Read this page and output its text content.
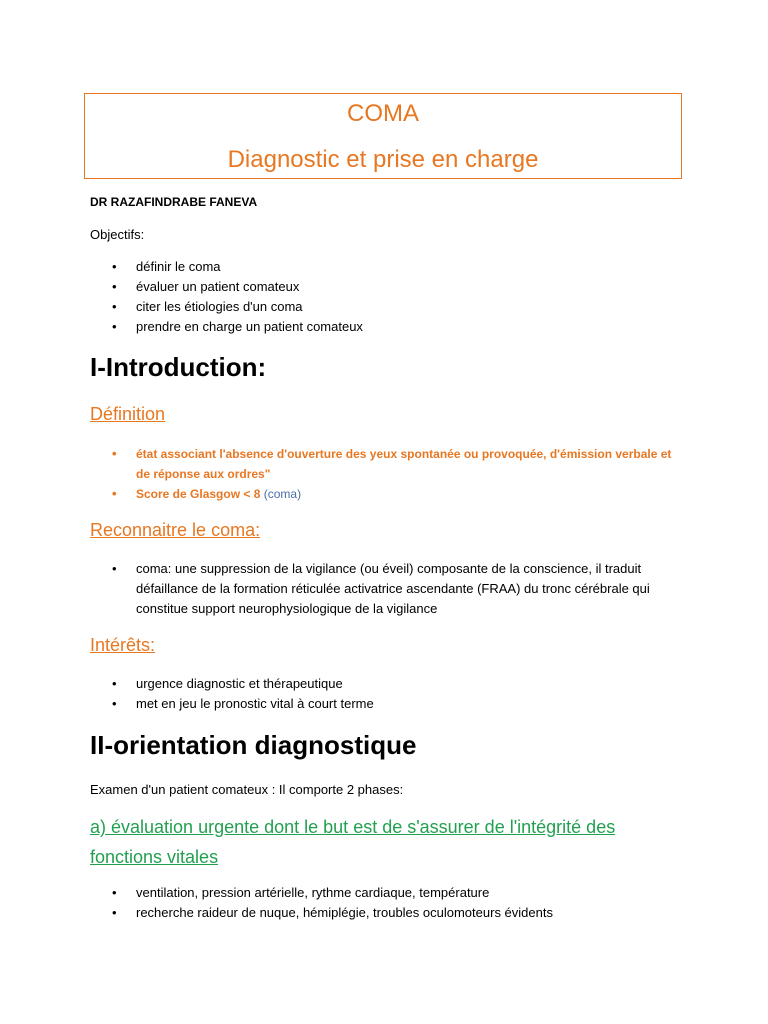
COMA
Diagnostic et prise en charge
DR RAZAFINDRABE FANEVA
Objectifs:
• définir le coma
• évaluer un patient comateux
• citer les étiologies d'un coma
• prendre en charge un patient comateux
I-Introduction:
Définition
• état associant l'absence d'ouverture des yeux spontanée ou provoquée, d'émission verbale et de réponse aux ordres"
• Score de Glasgow < 8 (coma)
Reconnaitre le coma:
• coma: une suppression de la vigilance (ou éveil) composante de la conscience, il traduit défaillance de la formation réticulée activatrice ascendante (FRAA) du tronc cérébrale qui constitue support neurophysiologique de la vigilance
Intérêts:
• urgence diagnostic et thérapeutique
• met en jeu le pronostic vital à court terme
II-orientation diagnostique
Examen d'un patient comateux : Il comporte 2 phases:
a) évaluation urgente dont le but est de s'assurer de l'intégrité des fonctions vitales
• ventilation, pression artérielle, rythme cardiaque, température
• recherche raideur de nuque, hémiplégie, troubles oculomoteurs évidents
